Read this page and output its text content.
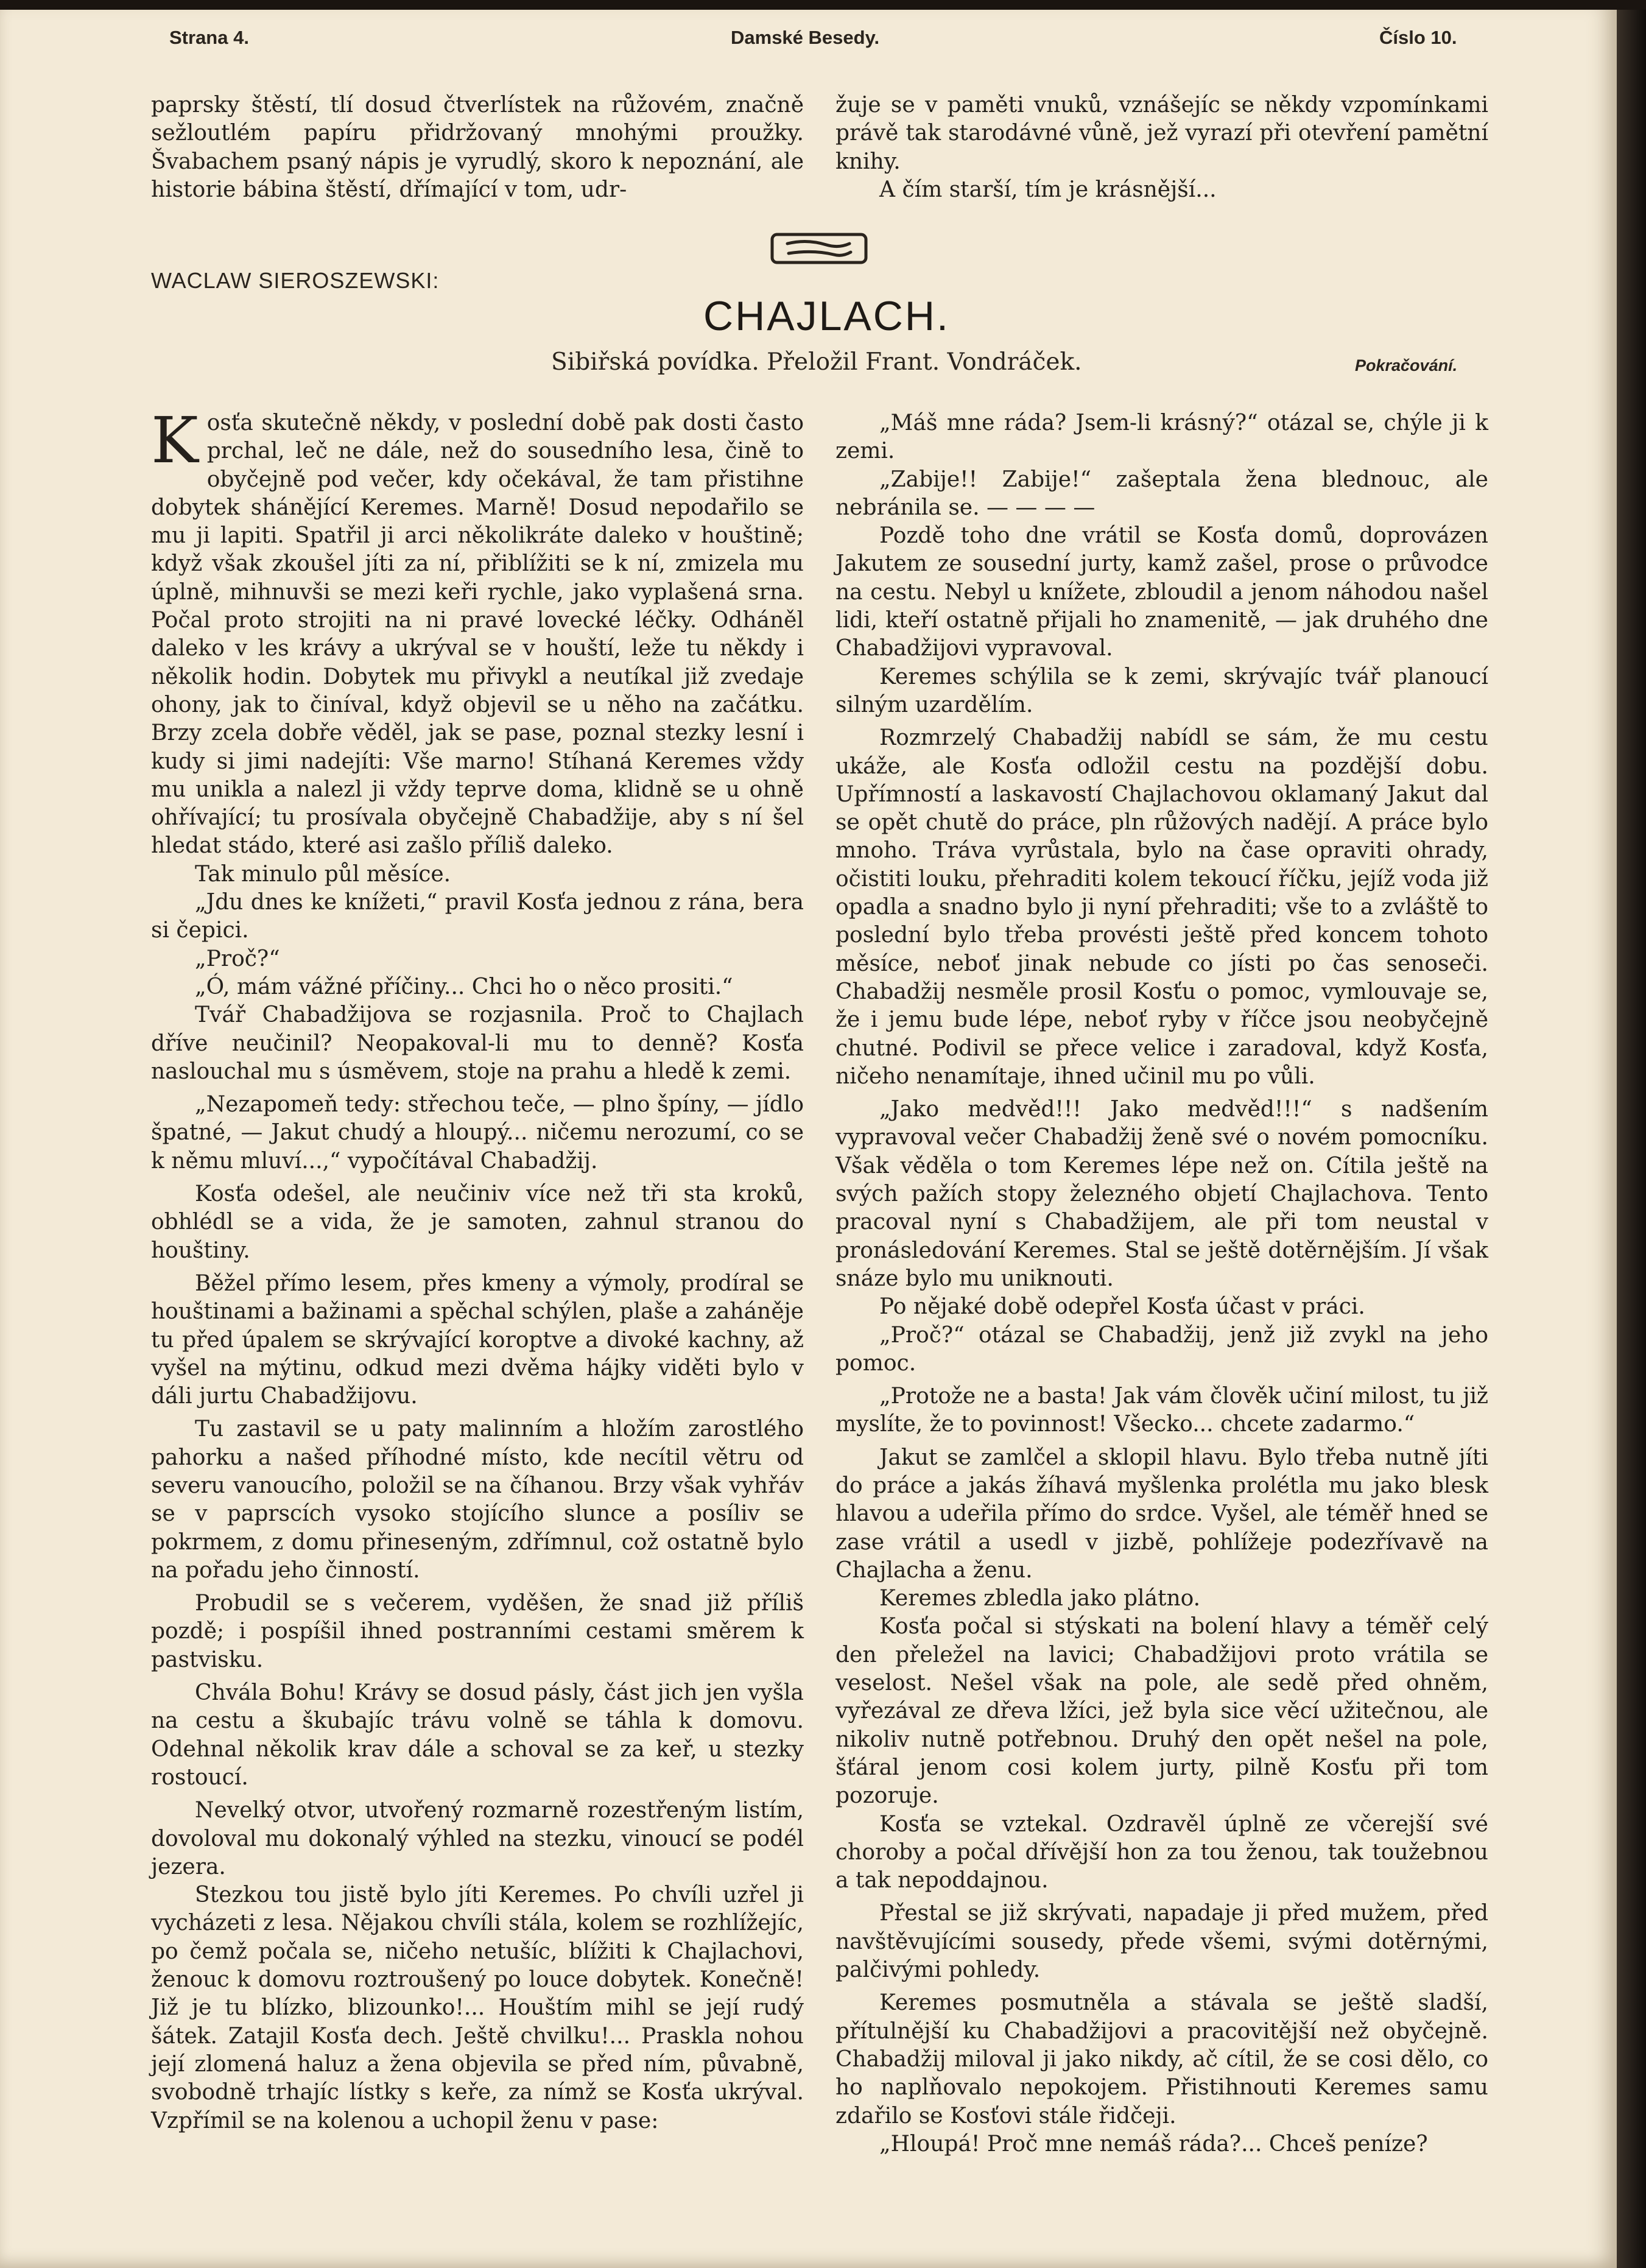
Strana 4.	Damské Besedy.	Číslo 10.

paprsky štěstí, tlí dosud čtverlístek na růžovém, značně sežloutlém papíru přidržovaný mnohými proužky. Švabachem psaný nápis je vyrudlý, skoro k nepoznání, ale historie bábina štěstí, dřímající v tom, udr-

žuje se v paměti vnuků, vznášejíc se někdy vzpomínkami právě tak starodávné vůně, jež vyrazí při otevření pamětní knihy.

A čím starší, tím je krásnější...

WACLAW SIEROSZEWSKI:
CHAJLACH.
Sibiřská povídka. Přeložil Frant. Vondráček.	Pokračování.

Kosťa skutečně někdy, v poslední době pak dosti často prchal, leč ne dále, než do sousedního lesa, čině to obyčejně pod večer, kdy očekával, že tam přistihne dobytek shánějící Keremes. Marně! Dosud nepodařilo se mu ji lapiti. Spatřil ji arci několikráte daleko v houštině; když však zkoušel jíti za ní, přiblížiti se k ní, zmizela mu úplně, mihnuvši se mezi keři rychle, jako vyplašená srna. Počal proto strojiti na ni pravé lovecké léčky. Odháněl daleko v les krávy a ukrýval se v houští, leže tu někdy i několik hodin. Dobytek mu přivykl a neutíkal již zvedaje ohony, jak to činíval, když objevil se u něho na začátku. Brzy zcela dobře věděl, jak se pase, poznal stezky lesní i kudy si jimi nadejíti: Vše marno! Stíhaná Keremes vždy mu unikla a nalezl ji vždy teprve doma, klidně se u ohně ohřívající; tu prosívala obyčejně Chabadžije, aby s ní šel hledat stádo, které asi zašlo příliš daleko.

Tak minulo půl měsíce.

„Jdu dnes ke knížeti,“ pravil Kosťa jednou z rána, bera si čepici.

„Proč?“

„Ó, mám vážné příčiny... Chci ho o něco prositi.“

Tvář Chabadžijova se rozjasnila. Proč to Chajlach dříve neučinil? Neopakoval-li mu to denně? Kosťa naslouchal mu s úsměvem, stoje na prahu a hledě k zemi.

„Nezapomeň tedy: střechou teče, — plno špíny, — jídlo špatné, — Jakut chudý a hloupý... ničemu nerozumí, co se k němu mluví...,“ vypočítával Chabadžij.

Kosťa odešel, ale neučiniv více než tři sta kroků, obhlédl se a vida, že je samoten, zahnul stranou do houštiny.

Běžel přímo lesem, přes kmeny a výmoly, prodíral se houštinami a bažinami a spěchal schýlen, plaše a zaháněje tu před úpalem se skrývající koroptve a divoké kachny, až vyšel na mýtinu, odkud mezi dvěma hájky viděti bylo v dáli jurtu Chabadžijovu.

Tu zastavil se u paty malinním a hložím zarostlého pahorku a našed příhodné místo, kde necítil větru od severu vanoucího, položil se na číhanou. Brzy však vyhřáv se v paprscích vysoko stojícího slunce a posíliv se pokrmem, z domu přineseným, zdřímnul, což ostatně bylo na pořadu jeho činností.

Probudil se s večerem, vyděšen, že snad již příliš pozdě; i pospíšil ihned postranními cestami směrem k pastvisku.

Chvála Bohu! Krávy se dosud pásly, část jich jen vyšla na cestu a škubajíc trávu volně se táhla k domovu. Odehnal několik krav dále a schoval se za keř, u stezky rostoucí.

Nevelký otvor, utvořený rozmarně rozestřeným listím, dovoloval mu dokonalý výhled na stezku, vinoucí se podél jezera.

Stezkou tou jistě bylo jíti Keremes. Po chvíli uzřel ji vycházeti z lesa. Nějakou chvíli stála, kolem se rozhlížejíc, po čemž počala se, ničeho netušíc, blížiti k Chajlachovi, ženouc k domovu roztroušený po louce dobytek. Konečně! Již je tu blízko, blizounko!... Houštím mihl se její rudý šátek. Zatajil Kosťa dech. Ještě chvilku!... Praskla nohou její zlomená haluz a žena objevila se před ním, půvabně, svobodně trhajíc lístky s keře, za nímž se Kosťa ukrýval. Vzpřímil se na kolenou a uchopil ženu v pase:

„Máš mne ráda? Jsem-li krásný?“ otázal se, chýle ji k zemi.

„Zabije!! Zabije!“ zašeptala žena blednouc, ale nebránila se. — — — —

Pozdě toho dne vrátil se Kosťa domů, doprovázen Jakutem ze sousední jurty, kamž zašel, prose o průvodce na cestu. Nebyl u knížete, zbloudil a jenom náhodou našel lidi, kteří ostatně přijali ho znamenitě, — jak druhého dne Chabadžijovi vypravoval.

Keremes schýlila se k zemi, skrývajíc tvář planoucí silným uzardělím.

Rozmrzelý Chabadžij nabídl se sám, že mu cestu ukáže, ale Kosťa odložil cestu na pozdější dobu. Upřímností a laskavostí Chajlachovou oklamaný Jakut dal se opět chutě do práce, pln růžových nadějí. A práce bylo mnoho. Tráva vyrůstala, bylo na čase opraviti ohrady, očistiti louku, přehraditi kolem tekoucí říčku, jejíž voda již opadla a snadno bylo ji nyní přehraditi; vše to a zvláště to poslední bylo třeba provésti ještě před koncem tohoto měsíce, neboť jinak nebude co jísti po čas senoseči. Chabadžij nesměle prosil Kosťu o pomoc, vymlouvaje se, že i jemu bude lépe, neboť ryby v říčce jsou neobyčejně chutné. Podivil se přece velice i zaradoval, když Kosťa, ničeho nenamítaje, ihned učinil mu po vůli.

„Jako medvěd!!! Jako medvěd!!!“ s nadšením vypravoval večer Chabadžij ženě své o novém pomocníku. Však věděla o tom Keremes lépe než on. Cítila ještě na svých pažích stopy železného objetí Chajlachova. Tento pracoval nyní s Chabadžijem, ale při tom neustal v pronásledování Keremes. Stal se ještě dotěrnějším. Jí však snáze bylo mu uniknouti.

Po nějaké době odepřel Kosťa účast v práci.

„Proč?“ otázal se Chabadžij, jenž již zvykl na jeho pomoc.

„Protože ne a basta! Jak vám člověk učiní milost, tu již myslíte, že to povinnost! Všecko... chcete zadarmo.“

Jakut se zamlčel a sklopil hlavu. Bylo třeba nutně jíti do práce a jakás žíhavá myšlenka prolétla mu jako blesk hlavou a udeřila přímo do srdce. Vyšel, ale téměř hned se zase vrátil a usedl v jizbě, pohlížeje podezřívavě na Chajlacha a ženu.

Keremes zbledla jako plátno.

Kosťa počal si stýskati na bolení hlavy a téměř celý den přeležel na lavici; Chabadžijovi proto vrátila se veselost. Nešel však na pole, ale sedě před ohněm, vyřezával ze dřeva lžíci, jež byla sice věcí užitečnou, ale nikoliv nutně potřebnou. Druhý den opět nešel na pole, šťáral jenom cosi kolem jurty, pilně Kosťu při tom pozoruje.

Kosťa se vztekal. Ozdravěl úplně ze včerejší své choroby a počal dřívější hon za tou ženou, tak toužebnou a tak nepoddajnou.

Přestal se již skrývati, napadaje ji před mužem, před navštěvujícími sousedy, přede všemi, svými dotěrnými, palčivými pohledy.

Keremes posmutněla a stávala se ještě sladší, přítulnější ku Chabadžijovi a pracovitější než obyčejně. Chabadžij miloval ji jako nikdy, ač cítil, že se cosi dělo, co ho naplňovalo nepokojem. Přistihnouti Keremes samu zdařilo se Kosťovi stále řidčeji.

„Hloupá! Proč mne nemáš ráda?... Chceš peníze?
